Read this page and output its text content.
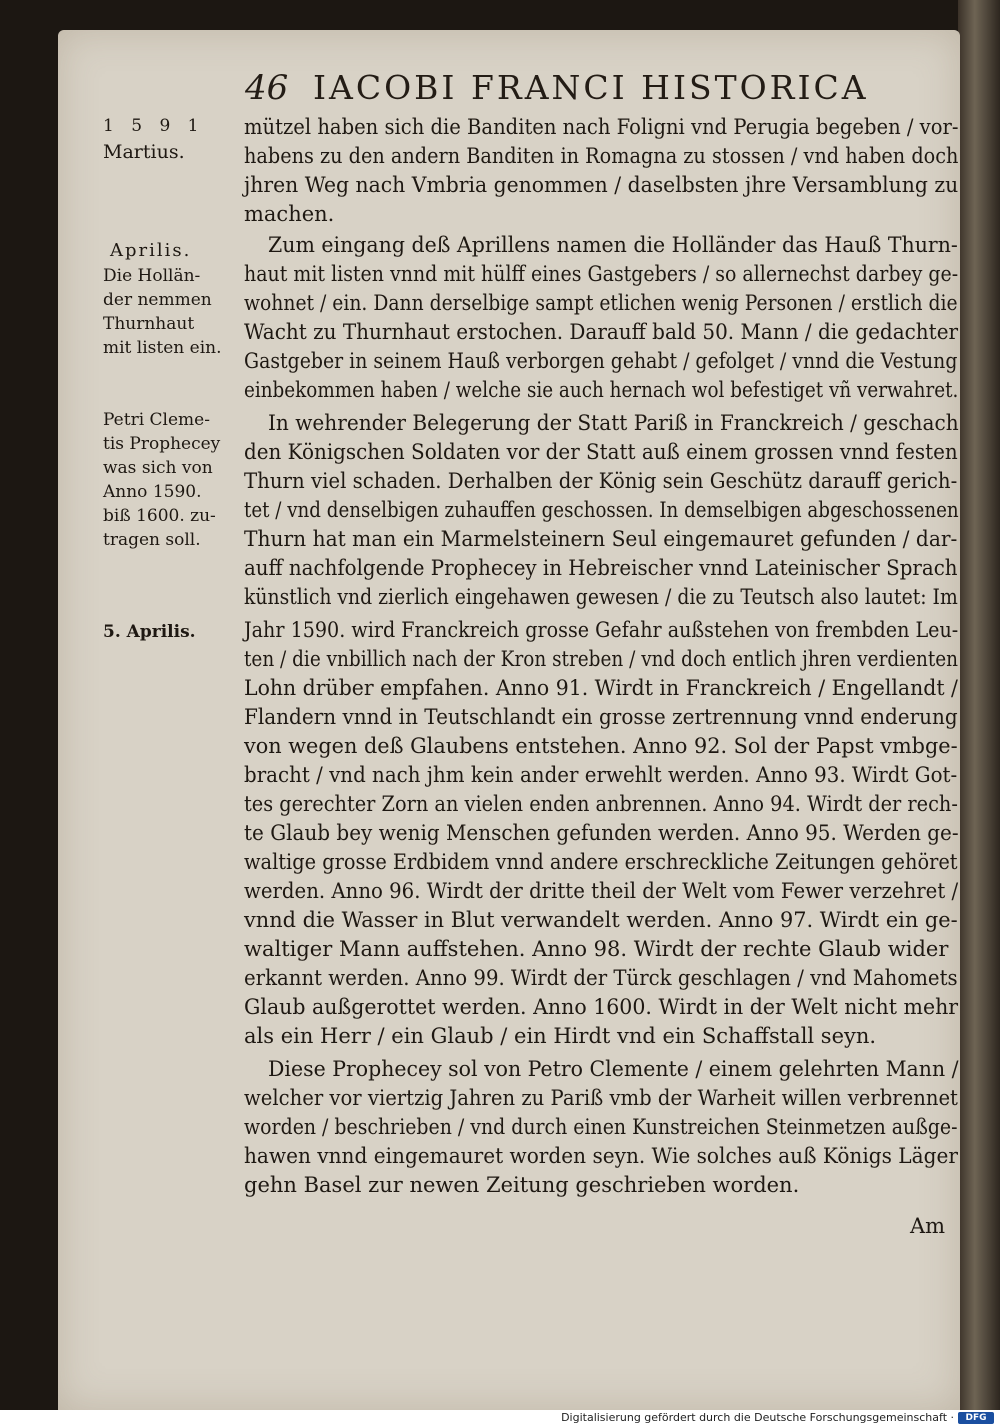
46 IACOBI FRANCI HISTORICA
1 5 9 1
Martius.
Aprilis.
Die Hollän-
der nemmen
Thurnhaut
mit listen ein.
Petri Cleme-
tis Prophecey
was sich von
Anno 1590.
biß 1600. zu-
tragen soll.
5. Aprilis.
mützel haben sich die Banditen nach Foligni vnd Perugia begeben / vor-
habens zu den andern Banditen in Romagna zu stossen / vnd haben doch
jhren Weg nach Vmbria genommen / daselbsten jhre Versamblung zu
machen.
Zum eingang deß Aprillens namen die Holländer das Hauß Thurn-
haut mit listen vnnd mit hülff eines Gastgebers / so allernechst darbey ge-
wohnet / ein. Dann derselbige sampt etlichen wenig Personen / erstlich die
Wacht zu Thurnhaut erstochen. Darauff bald 50. Mann / die gedachter
Gastgeber in seinem Hauß verborgen gehabt / gefolget / vnnd die Vestung
einbekommen haben / welche sie auch hernach wol befestiget vñ verwahret.
In wehrender Belegerung der Statt Pariß in Franckreich / geschach
den Königschen Soldaten vor der Statt auß einem grossen vnnd festen
Thurn viel schaden. Derhalben der König sein Geschütz darauff gerich-
tet / vnd denselbigen zuhauffen geschossen. In demselbigen abgeschossenen
Thurn hat man ein Marmelsteinern Seul eingemauret gefunden / dar-
auff nachfolgende Prophecey in Hebreischer vnnd Lateinischer Sprach
künstlich vnd zierlich eingehawen gewesen / die zu Teutsch also lautet: Im
Jahr 1590. wird Franckreich grosse Gefahr außstehen von frembden Leu-
ten / die vnbillich nach der Kron streben / vnd doch entlich jhren verdienten
Lohn drüber empfahen. Anno 91. Wirdt in Franckreich / Engellandt /
Flandern vnnd in Teutschlandt ein grosse zertrennung vnnd enderung
von wegen deß Glaubens entstehen. Anno 92. Sol der Papst vmbge-
bracht / vnd nach jhm kein ander erwehlt werden. Anno 93. Wirdt Got-
tes gerechter Zorn an vielen enden anbrennen. Anno 94. Wirdt der rech-
te Glaub bey wenig Menschen gefunden werden. Anno 95. Werden ge-
waltige grosse Erdbidem vnnd andere erschreckliche Zeitungen gehöret
werden. Anno 96. Wirdt der dritte theil der Welt vom Fewer verzehret /
vnnd die Wasser in Blut verwandelt werden. Anno 97. Wirdt ein ge-
waltiger Mann auffstehen. Anno 98. Wirdt der rechte Glaub wider
erkannt werden. Anno 99. Wirdt der Türck geschlagen / vnd Mahomets
Glaub außgerottet werden. Anno 1600. Wirdt in der Welt nicht mehr
als ein Herr / ein Glaub / ein Hirdt vnd ein Schaffstall seyn.
Diese Prophecey sol von Petro Clemente / einem gelehrten Mann /
welcher vor viertzig Jahren zu Pariß vmb der Warheit willen verbrennet
worden / beschrieben / vnd durch einen Kunstreichen Steinmetzen außge-
hawen vnnd eingemauret worden seyn. Wie solches auß Königs Läger
gehn Basel zur newen Zeitung geschrieben worden.
Am
Digitalisierung gefördert durch die Deutsche Forschungsgemeinschaft ·	DFG
